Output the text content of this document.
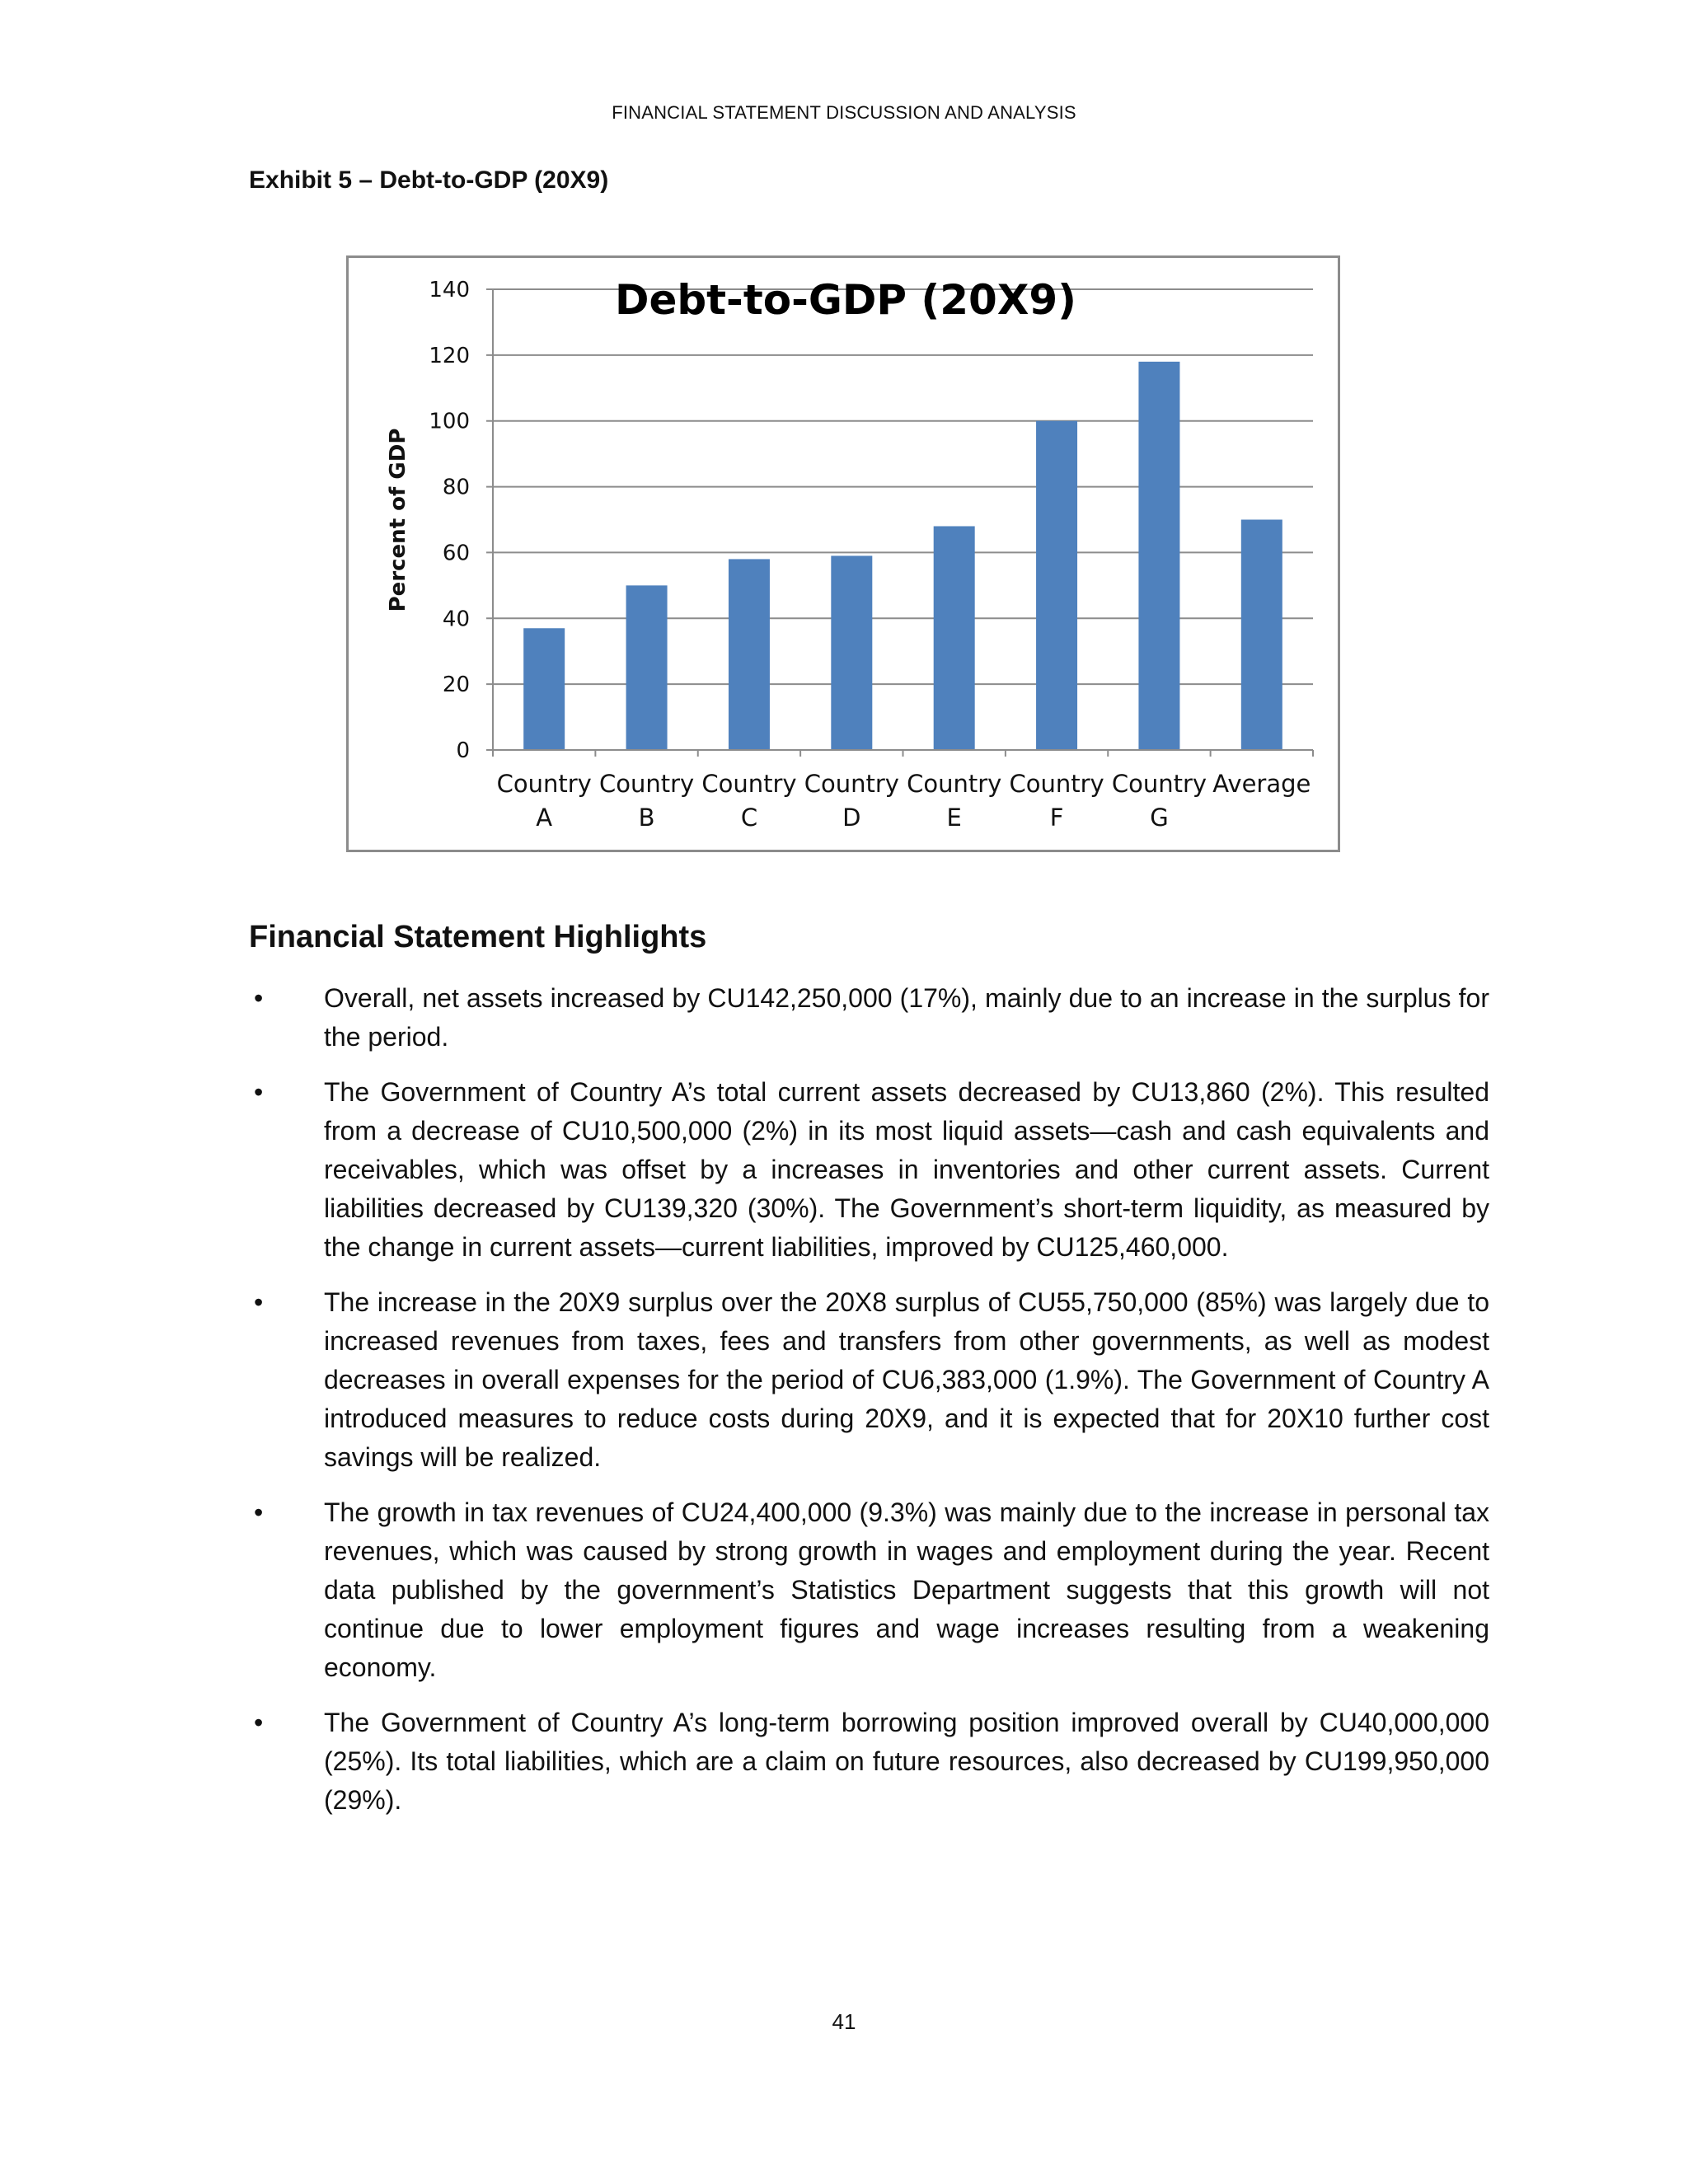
FINANCIAL STATEMENT DISCUSSION AND ANALYSIS
Exhibit 5 – Debt-to-GDP (20X9)
0
20
40
60
80
100
120
140	Debt-to-GDP (20X9)
Percent of GDP
Country
A
Country
B
Country
C
Country
D
Country
E
Country
F
Country
G
Average
Financial Statement Highlights
• Overall, net assets increased by CU142,250,000 (17%), mainly due to an increase in the surplus for the period.
• The Government of Country A’s total current assets decreased by CU13,860 (2%). This resulted from a decrease of CU10,500,000 (2%) in its most liquid assets—cash and cash equivalents and receivables, which was offset by a increases in inventories and other current assets. Current liabilities decreased by CU139,320 (30%). The Government’s short-term liquidity, as measured by the change in current assets—current liabilities, improved by CU125,460,000.
• The increase in the 20X9 surplus over the 20X8 surplus of CU55,750,000 (85%) was largely due to increased revenues from taxes, fees and transfers from other governments, as well as modest decreases in overall expenses for the period of CU6,383,000 (1.9%). The Government of Country A introduced measures to reduce costs during 20X9, and it is expected that for 20X10 further cost savings will be realized.
• The growth in tax revenues of CU24,400,000 (9.3%) was mainly due to the increase in personal tax revenues, which was caused by strong growth in wages and employment during the year. Recent data published by the government’s Statistics Department suggests that this growth will not continue due to lower employment figures and wage increases resulting from a weakening economy.
• The Government of Country A’s long-term borrowing position improved overall by CU40,000,000 (25%). Its total liabilities, which are a claim on future resources, also decreased by CU199,950,000 (29%).
41
